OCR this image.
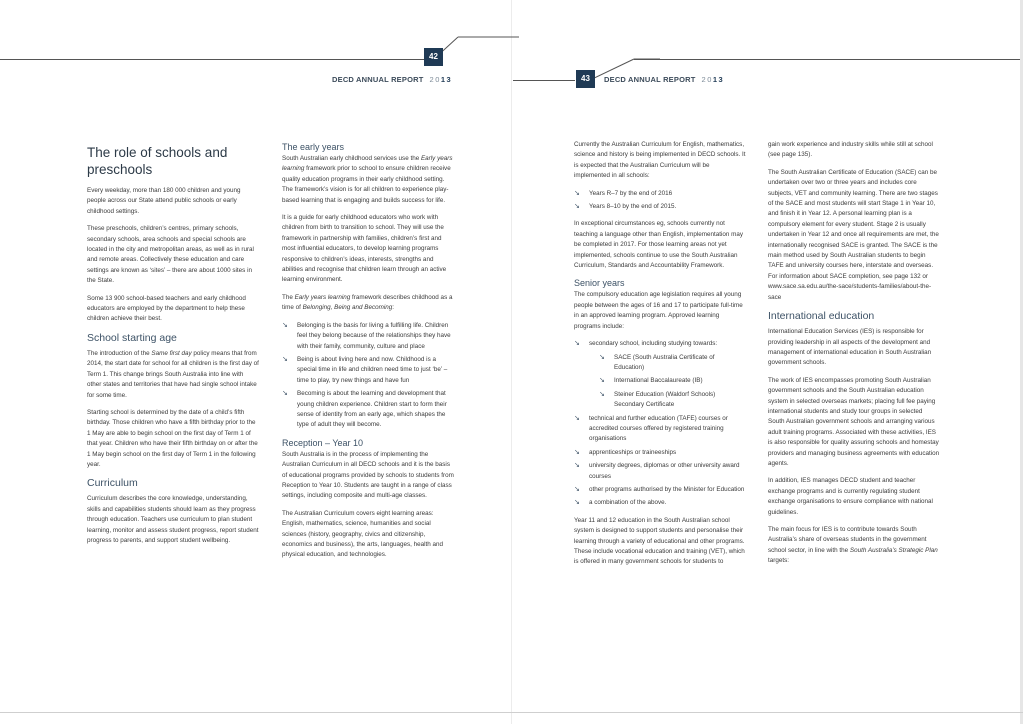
42
DECD ANNUAL REPORT 2013	43	DECD ANNUAL REPORT 2013
The role of schools and preschools

Every weekday, more than 180 000 children and young people across our State attend public schools or early childhood settings.

These preschools, children’s centres, primary schools, secondary schools, area schools and special schools are located in the city and metropolitan areas, as well as in rural and remote areas. Collectively these education and care settings are known as ‘sites’ – there are about 1000 sites in the State.

Some 13 900 school-based teachers and early childhood educators are employed by the department to help these children achieve their best.

School starting age

The introduction of the Same first day policy means that from 2014, the start date for school for all children is the first day of Term 1. This change brings South Australia into line with other states and territories that have had single school intake for some time.

Starting school is determined by the date of a child’s fifth birthday. Those children who have a fifth birthday prior to the 1 May are able to begin school on the first day of Term 1 of that year. Children who have their fifth birthday on or after the 1 May begin school on the first day of Term 1 in the following year.

Curriculum

Curriculum describes the core knowledge, understanding, skills and capabilities students should learn as they progress through education. Teachers use curriculum to plan student learning, monitor and assess student progress, report student progress to parents, and support student wellbeing.

The early years

South Australian early childhood services use the Early years learning framework prior to school to ensure children receive quality education programs in their early childhood setting. The framework’s vision is for all children to experience play-based learning that is engaging and builds success for life.

It is a guide for early childhood educators who work with children from birth to transition to school. They will use the framework in partnership with families, children’s first and most influential educators, to develop learning programs responsive to children’s ideas, interests, strengths and abilities and recognise that children learn through an active learning environment.

The Early years learning framework describes childhood as a time of Belonging, Being and Becoming:

↘	Belonging is the basis for living a fulfilling life. Children feel they belong because of the relationships they have with their family, community, culture and place
↘	Being is about living here and now. Childhood is a special time in life and children need time to just ‘be’ – time to play, try new things and have fun
↘	Becoming is about the learning and development that young children experience. Children start to form their sense of identity from an early age, which shapes the type of adult they will become.
Reception – Year 10

South Australia is in the process of implementing the Australian Curriculum in all DECD schools and it is the basis of educational programs provided by schools to students from Reception to Year 10. Students are taught in a range of class settings, including composite and multi-age classes.

The Australian Curriculum covers eight learning areas: English, mathematics, science, humanities and social sciences (history, geography, civics and citizenship, economics and business), the arts, languages, health and physical education, and technologies.

Currently the Australian Curriculum for English, mathematics, science and history is being implemented in DECD schools. It is expected that the Australian Curriculum will be implemented in all schools:

↘	Years R–7 by the end of 2016
↘	Years 8–10 by the end of 2015.

In exceptional circumstances eg, schools currently not teaching a language other than English, implementation may be completed in 2017. For those learning areas not yet implemented, schools continue to use the South Australian Curriculum, Standards and Accountability Framework.

Senior years

The compulsory education age legislation requires all young people between the ages of 16 and 17 to participate full-time in an approved learning program. Approved learning programs include:

↘	secondary school, including studying towards:
↘	SACE (South Australia Certificate of Education)
↘	International Baccalaureate (IB)
↘	Steiner Education (Waldorf Schools) Secondary Certificate
↘	technical and further education (TAFE) courses or accredited courses offered by registered training organisations
↘	apprenticeships or traineeships
↘	university degrees, diplomas or other university award courses
↘	other programs authorised by the Minister for Education
↘	a combination of the above.

Year 11 and 12 education in the South Australian school system is designed to support students and personalise their learning through a variety of educational and other programs. These include vocational education and training (VET), which is offered in many government schools for students to

gain work experience and industry skills while still at school (see page 135).

The South Australian Certificate of Education (SACE) can be undertaken over two or three years and includes core subjects, VET and community learning. There are two stages of the SACE and most students will start Stage 1 in Year 10, and finish it in Year 12. A personal learning plan is a compulsory element for every student. Stage 2 is usually undertaken in Year 12 and once all requirements are met, the internationally recognised SACE is granted. The SACE is the main method used by South Australian students to begin TAFE and university courses here, interstate and overseas. For information about SACE completion, see page 132 or www.sace.sa.edu.au/the-sace/students-families/about-the-sace

International education

International Education Services (IES) is responsible for providing leadership in all aspects of the development and management of international education in South Australian government schools.

The work of IES encompasses promoting South Australian government schools and the South Australian education system in selected overseas markets; placing full fee paying international students and study tour groups in selected South Australian government schools and arranging various adult training programs. Associated with these activities, IES is also responsible for quality assuring schools and homestay providers and managing business agreements with education agents.

In addition, IES manages DECD student and teacher exchange programs and is currently regulating student exchange organisations to ensure compliance with national guidelines.

The main focus for IES is to contribute towards South Australia’s share of overseas students in the government school sector, in line with the South Australia’s Strategic Plan targets:
